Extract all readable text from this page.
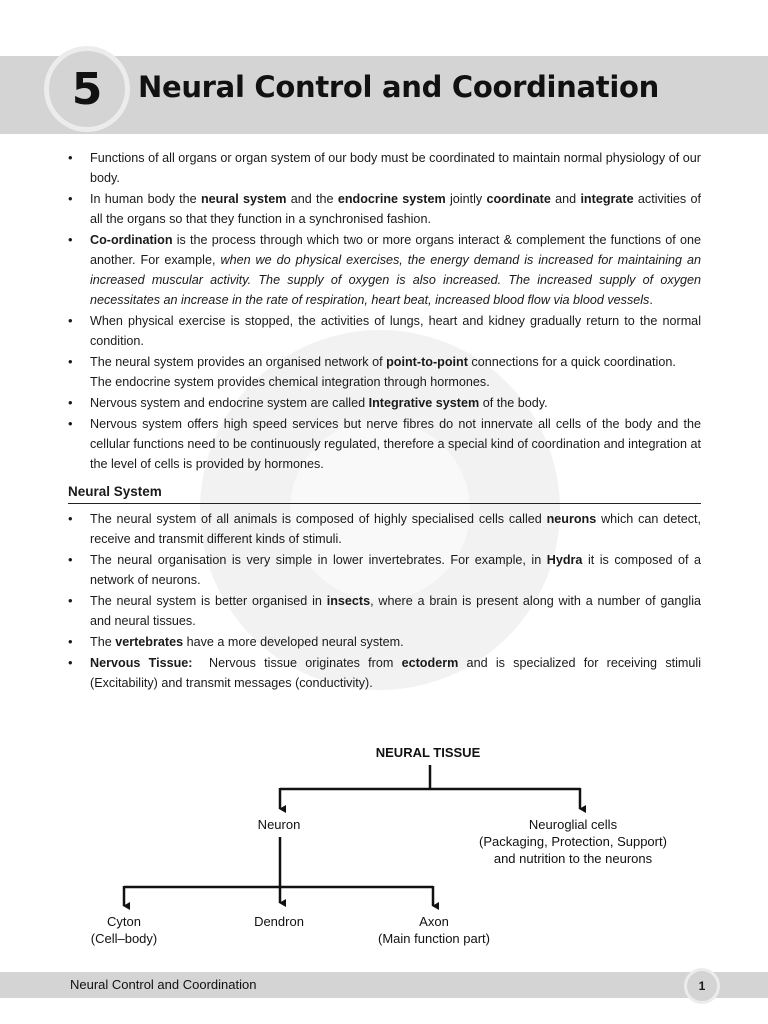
5	Neural Control and Coordination
• Functions of all organs or organ system of our body must be coordinated to maintain normal physiology of our body.
• In human body the neural system and the endocrine system jointly coordinate and integrate activities of all the organs so that they function in a synchronised fashion.
• Co-ordination is the process through which two or more organs interact & complement the functions of one another. For example, when we do physical exercises, the energy demand is increased for maintaining an increased muscular activity. The supply of oxygen is also increased. The increased supply of oxygen necessitates an increase in the rate of respiration, heart beat, increased blood flow via blood vessels.
• When physical exercise is stopped, the activities of lungs, heart and kidney gradually return to the normal condition.
• The neural system provides an organised network of point-to-point connections for a quick coordination.
The endocrine system provides chemical integration through hormones.
• Nervous system and endocrine system are called Integrative system of the body.
• Nervous system offers high speed services but nerve fibres do not innervate all cells of the body and the cellular functions need to be continuously regulated, therefore a special kind of coordination and integration at the level of cells is provided by hormones.
Neural System
• The neural system of all animals is composed of highly specialised cells called neurons which can detect, receive and transmit different kinds of stimuli.
• The neural organisation is very simple in lower invertebrates. For example, in Hydra it is composed of a network of neurons.
• The neural system is better organised in insects, where a brain is present along with a number of ganglia and neural tissues.
• The vertebrates have a more developed neural system.
• Nervous Tissue:  Nervous tissue originates from ectoderm and is specialized for receiving stimuli (Excitability) and transmit messages (conductivity).
NEURAL TISSUE
Neuron	Neuroglial cells
(Packaging, Protection, Support)
and nutrition to the neurons
Cyton
(Cell–body)
Dendron	Axon
(Main function part)
Neural Control and Coordination	1
